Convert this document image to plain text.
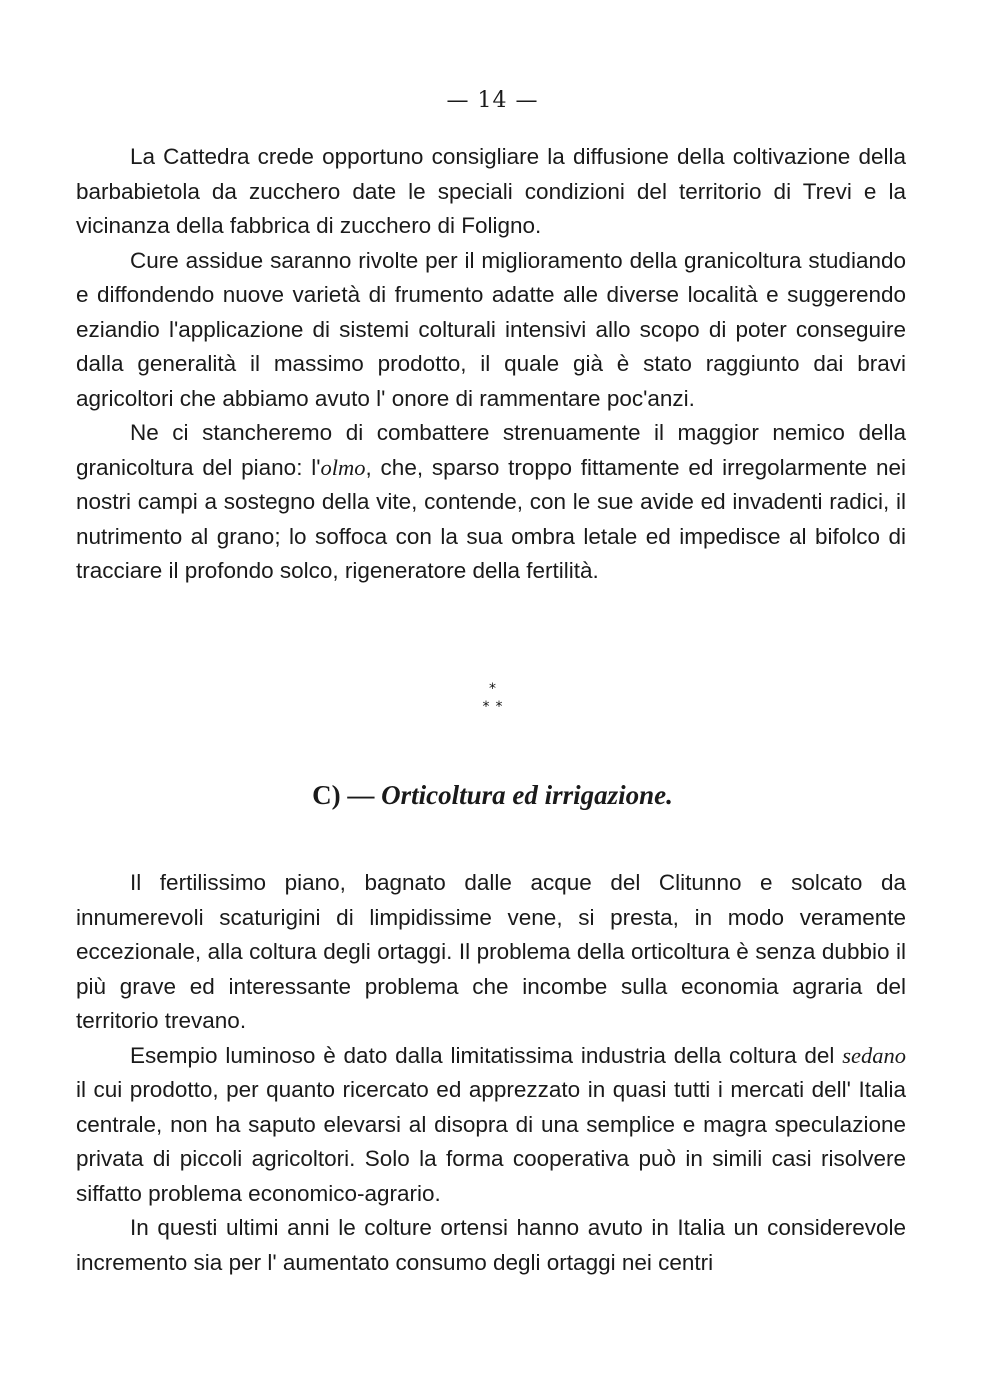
— 14 —

La Cattedra crede opportuno consigliare la diffusione della coltivazione della barbabietola da zucchero date le speciali condizioni del territorio di Trevi e la vicinanza della fabbrica di zucchero di Foligno.

Cure assidue saranno rivolte per il miglioramento della granicoltura studiando e diffondendo nuove varietà di frumento adatte alle diverse località e suggerendo eziandio l'applicazione di sistemi colturali intensivi allo scopo di poter conseguire dalla generalità il massimo prodotto, il quale già è stato raggiunto dai bravi agricoltori che abbiamo avuto l' onore di rammentare poc'anzi.

Ne ci stancheremo di combattere strenuamente il maggior nemico della granicoltura del piano: l'olmo, che, sparso troppo fittamente ed irregolarmente nei nostri campi a sostegno della vite, contende, con le sue avide ed invadenti radici, il nutrimento al grano; lo soffoca con la sua ombra letale ed impedisce al bifolco di tracciare il profondo solco, rigeneratore della fertilità.

*
* *
C) — Orticoltura ed irrigazione.

Il fertilissimo piano, bagnato dalle acque del Clitunno e solcato da innumerevoli scaturigini di limpidissime vene, si presta, in modo veramente eccezionale, alla coltura degli ortaggi. Il problema della orticoltura è senza dubbio il più grave ed interessante problema che incombe sulla economia agraria del territorio trevano.

Esempio luminoso è dato dalla limitatissima industria della coltura del sedano il cui prodotto, per quanto ricercato ed apprezzato in quasi tutti i mercati dell' Italia centrale, non ha saputo elevarsi al disopra di una semplice e magra speculazione privata di piccoli agricoltori. Solo la forma cooperativa può in simili casi risolvere siffatto problema economico-agrario.

In questi ultimi anni le colture ortensi hanno avuto in Italia un considerevole incremento sia per l' aumentato consumo degli ortaggi nei centri
